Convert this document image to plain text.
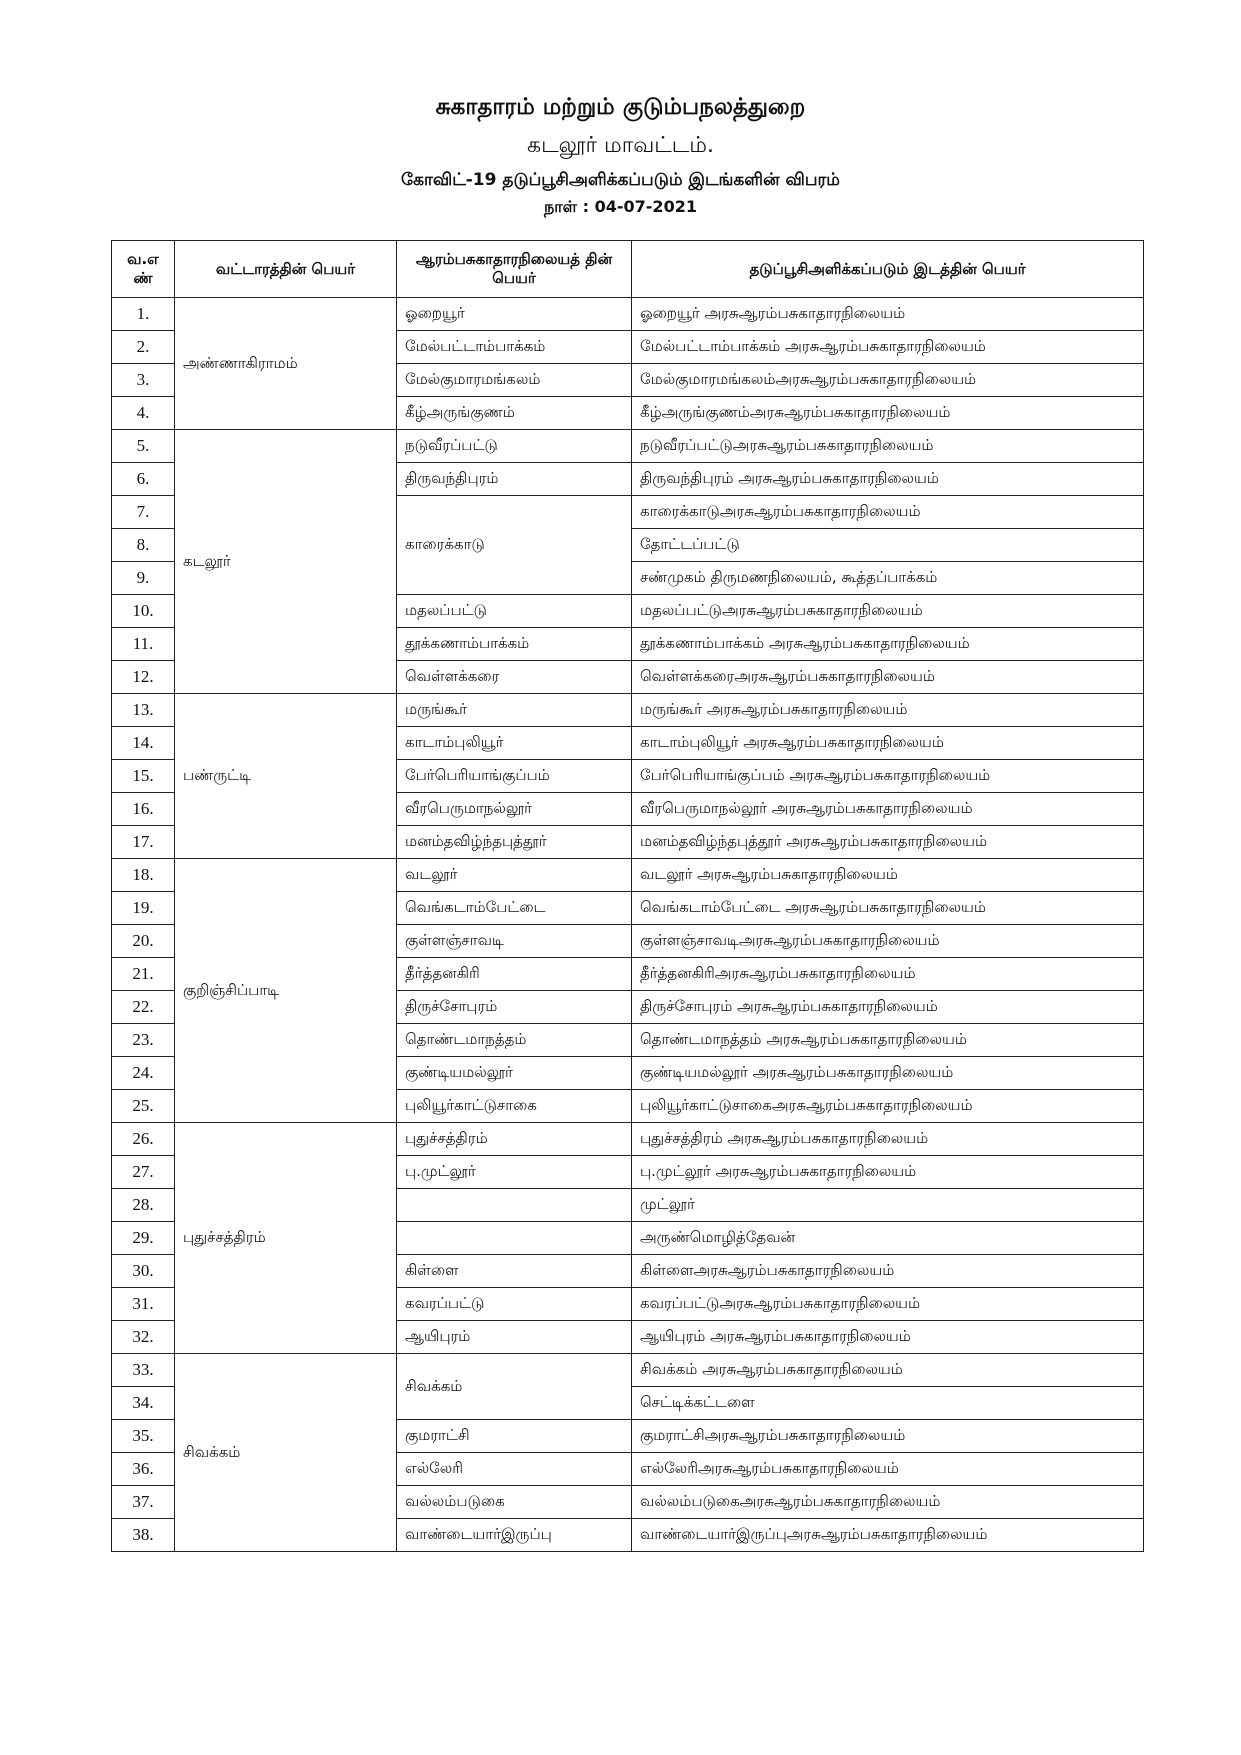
சுகாதாரம் மற்றும் குடும்பநலத்துறை
கடலூர் மாவட்டம்.
கோவிட்-19 தடுப்பூசிஅளிக்கப்படும் இடங்களின் விபரம்
நாள் : 04-07-2021
வ.எ ண்	வட்டாரத்தின் பெயர்	ஆரம்பசுகாதாரநிலையத் தின் பெயர்	தடுப்பூசிஅளிக்கப்படும் இடத்தின் பெயர்
1.	அண்ணாகிராமம்	ஓறையூர்	ஓறையூர் அரசுஆரம்பசுகாதாரநிலையம்
2.		மேல்பட்டாம்பாக்கம்	மேல்பட்டாம்பாக்கம் அரசுஆரம்பசுகாதாரநிலையம்
3.		மேல்குமாரமங்கலம்	மேல்குமாரமங்கலம்அரசுஆரம்பசுகாதாரநிலையம்
4.		கீழ்அருங்குணம்	கீழ்அருங்குணம்அரசுஆரம்பசுகாதாரநிலையம்
5.	கடலூர்	நடுவீரப்பட்டு	நடுவீரப்பட்டுஅரசுஆரம்பசுகாதாரநிலையம்
6.		திருவந்திபுரம்	திருவந்திபுரம் அரசுஆரம்பசுகாதாரநிலையம்
7.		காரைக்காடு	காரைக்காடுஅரசுஆரம்பசுகாதாரநிலையம்
8.			தோட்டப்பட்டு
9.			சண்முகம் திருமணநிலையம், கூத்தப்பாக்கம்
10.		மதலப்பட்டு	மதலப்பட்டுஅரசுஆரம்பசுகாதாரநிலையம்
11.		தூக்கணாம்பாக்கம்	தூக்கணாம்பாக்கம் அரசுஆரம்பசுகாதாரநிலையம்
12.		வெள்ளக்கரை	வெள்ளக்கரைஅரசுஆரம்பசுகாதாரநிலையம்
13.	பண்ருட்டி	மருங்கூர்	மருங்கூர் அரசுஆரம்பசுகாதாரநிலையம்
14.		காடாம்புலியூர்	காடாம்புலியூர் அரசுஆரம்பசுகாதாரநிலையம்
15.		பேர்பெரியாங்குப்பம்	பேர்பெரியாங்குப்பம் அரசுஆரம்பசுகாதாரநிலையம்
16.		வீரபெருமாநல்லூர்	வீரபெருமாநல்லூர் அரசுஆரம்பசுகாதாரநிலையம்
17.		மனம்தவிழ்ந்தபுத்தூர்	மனம்தவிழ்ந்தபுத்தூர் அரசுஆரம்பசுகாதாரநிலையம்
18.	குறிஞ்சிப்பாடி	வடலூர்	வடலூர் அரசுஆரம்பசுகாதாரநிலையம்
19.		வெங்கடாம்பேட்டை	வெங்கடாம்பேட்டை அரசுஆரம்பசுகாதாரநிலையம்
20.		குள்ளஞ்சாவடி	குள்ளஞ்சாவடிஅரசுஆரம்பசுகாதாரநிலையம்
21.		தீர்த்தனகிரி	தீர்த்தனகிரிஅரசுஆரம்பசுகாதாரநிலையம்
22.		திருச்சோபுரம்	திருச்சோபுரம் அரசுஆரம்பசுகாதாரநிலையம்
23.		தொண்டமாநத்தம்	தொண்டமாநத்தம் அரசுஆரம்பசுகாதாரநிலையம்
24.		குண்டியமல்லூர்	குண்டியமல்லூர் அரசுஆரம்பசுகாதாரநிலையம்
25.		புலியூர்காட்டுசாகை	புலியூர்காட்டுசாகைஅரசுஆரம்பசுகாதாரநிலையம்
26.	புதுச்சத்திரம்	புதுச்சத்திரம்	புதுச்சத்திரம் அரசுஆரம்பசுகாதாரநிலையம்
27.		பு.முட்லூர்	பு.முட்லூர் அரசுஆரம்பசுகாதாரநிலையம்
28.			முட்லூர்
29.			அருண்மொழித்தேவன்
30.		கிள்ளை	கிள்ளைஅரசுஆரம்பசுகாதாரநிலையம்
31.		கவரப்பட்டு	கவரப்பட்டுஅரசுஆரம்பசுகாதாரநிலையம்
32.		ஆயிபுரம்	ஆயிபுரம் அரசுஆரம்பசுகாதாரநிலையம்
33.	சிவக்கம்	சிவக்கம்	சிவக்கம் அரசுஆரம்பசுகாதாரநிலையம்
34.			செட்டிக்கட்டளை
35.		குமராட்சி	குமராட்சிஅரசுஆரம்பசுகாதாரநிலையம்
36.		எல்லேரி	எல்லேரிஅரசுஆரம்பசுகாதாரநிலையம்
37.		வல்லம்படுகை	வல்லம்படுகைஅரசுஆரம்பசுகாதாரநிலையம்
38.		வாண்டையார்இருப்பு	வாண்டையார்இருப்புஅரசுஆரம்பசுகாதாரநிலையம்
